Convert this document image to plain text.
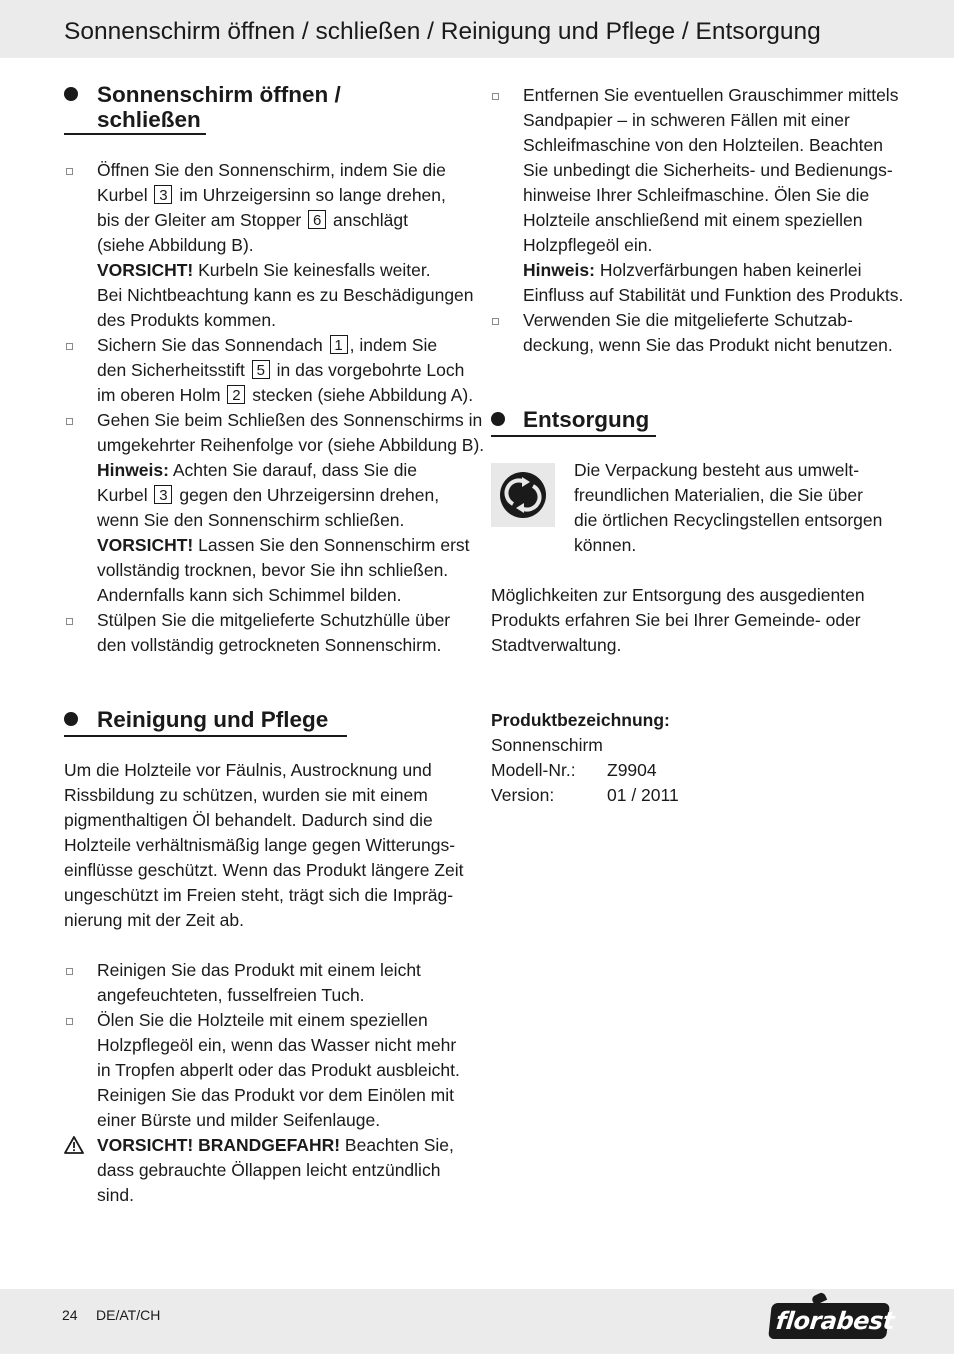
Sonnenschirm öffnen / schließen / Reinigung und Pflege / Entsorgung
Sonnenschirm öffnen /
schließen
Öffnen Sie den Sonnenschirm, indem Sie die
Kurbel 3 im Uhrzeigersinn so lange drehen,
bis der Gleiter am Stopper 6 anschlägt
(siehe Abbildung B).
VORSICHT! Kurbeln Sie keinesfalls weiter.
Bei Nichtbeachtung kann es zu Beschädigungen
des Produkts kommen.
Sichern Sie das Sonnendach 1 , indem Sie
den Sicherheitsstift 5 in das vorgebohrte Loch
im oberen Holm 2 stecken (siehe Abbildung A).
Gehen Sie beim Schließen des Sonnenschirms in
umgekehrter Reihenfolge vor (siehe Abbildung B).
Hinweis: Achten Sie darauf, dass Sie die
Kurbel 3 gegen den Uhrzeigersinn drehen,
wenn Sie den Sonnenschirm schließen.
VORSICHT! Lassen Sie den Sonnenschirm erst
vollständig trocknen, bevor Sie ihn schließen.
Andernfalls kann sich Schimmel bilden.
Stülpen Sie die mitgelieferte Schutzhülle über
den vollständig getrockneten Sonnenschirm.
Reinigung und Pflege
Um die Holzteile vor Fäulnis, Austrocknung und
Rissbildung zu schützen, wurden sie mit einem
pigmenthaltigen Öl behandelt. Dadurch sind die
Holzteile verhältnismäßig lange gegen Witterungs-
einflüsse geschützt. Wenn das Produkt längere Zeit
ungeschützt im Freien steht, trägt sich die Impräg-
nierung mit der Zeit ab.
Reinigen Sie das Produkt mit einem leicht
angefeuchteten, fusselfreien Tuch.
Ölen Sie die Holzteile mit einem speziellen
Holzpflegeöl ein, wenn das Wasser nicht mehr
in Tropfen abperlt oder das Produkt ausbleicht.
Reinigen Sie das Produkt vor dem Einölen mit
einer Bürste und milder Seifenlauge.
VORSICHT! BRANDGEFAHR! Beachten Sie,
dass gebrauchte Öllappen leicht entzündlich
sind.
Entfernen Sie eventuellen Grauschimmer mittels
Sandpapier – in schweren Fällen mit einer
Schleifmaschine von den Holzteilen. Beachten
Sie unbedingt die Sicherheits- und Bedienungs-
hinweise Ihrer Schleifmaschine. Ölen Sie die
Holzteile anschließend mit einem speziellen
Holzpflegeöl ein.
Hinweis: Holzverfärbungen haben keinerlei
Einfluss auf Stabilität und Funktion des Produkts.
Verwenden Sie die mitgelieferte Schutzab-
deckung, wenn Sie das Produkt nicht benutzen.
Entsorgung
Die Verpackung besteht aus umwelt-
freundlichen Materialien, die Sie über
die örtlichen Recyclingstellen entsorgen
können.
Möglichkeiten zur Entsorgung des ausgedienten
Produkts erfahren Sie bei Ihrer Gemeinde- oder
Stadtverwaltung.
Produktbezeichnung:
Sonnenschirm
Modell-Nr.: Z9904
Version:	01 / 2011
24 DE/AT/CH	florabest
